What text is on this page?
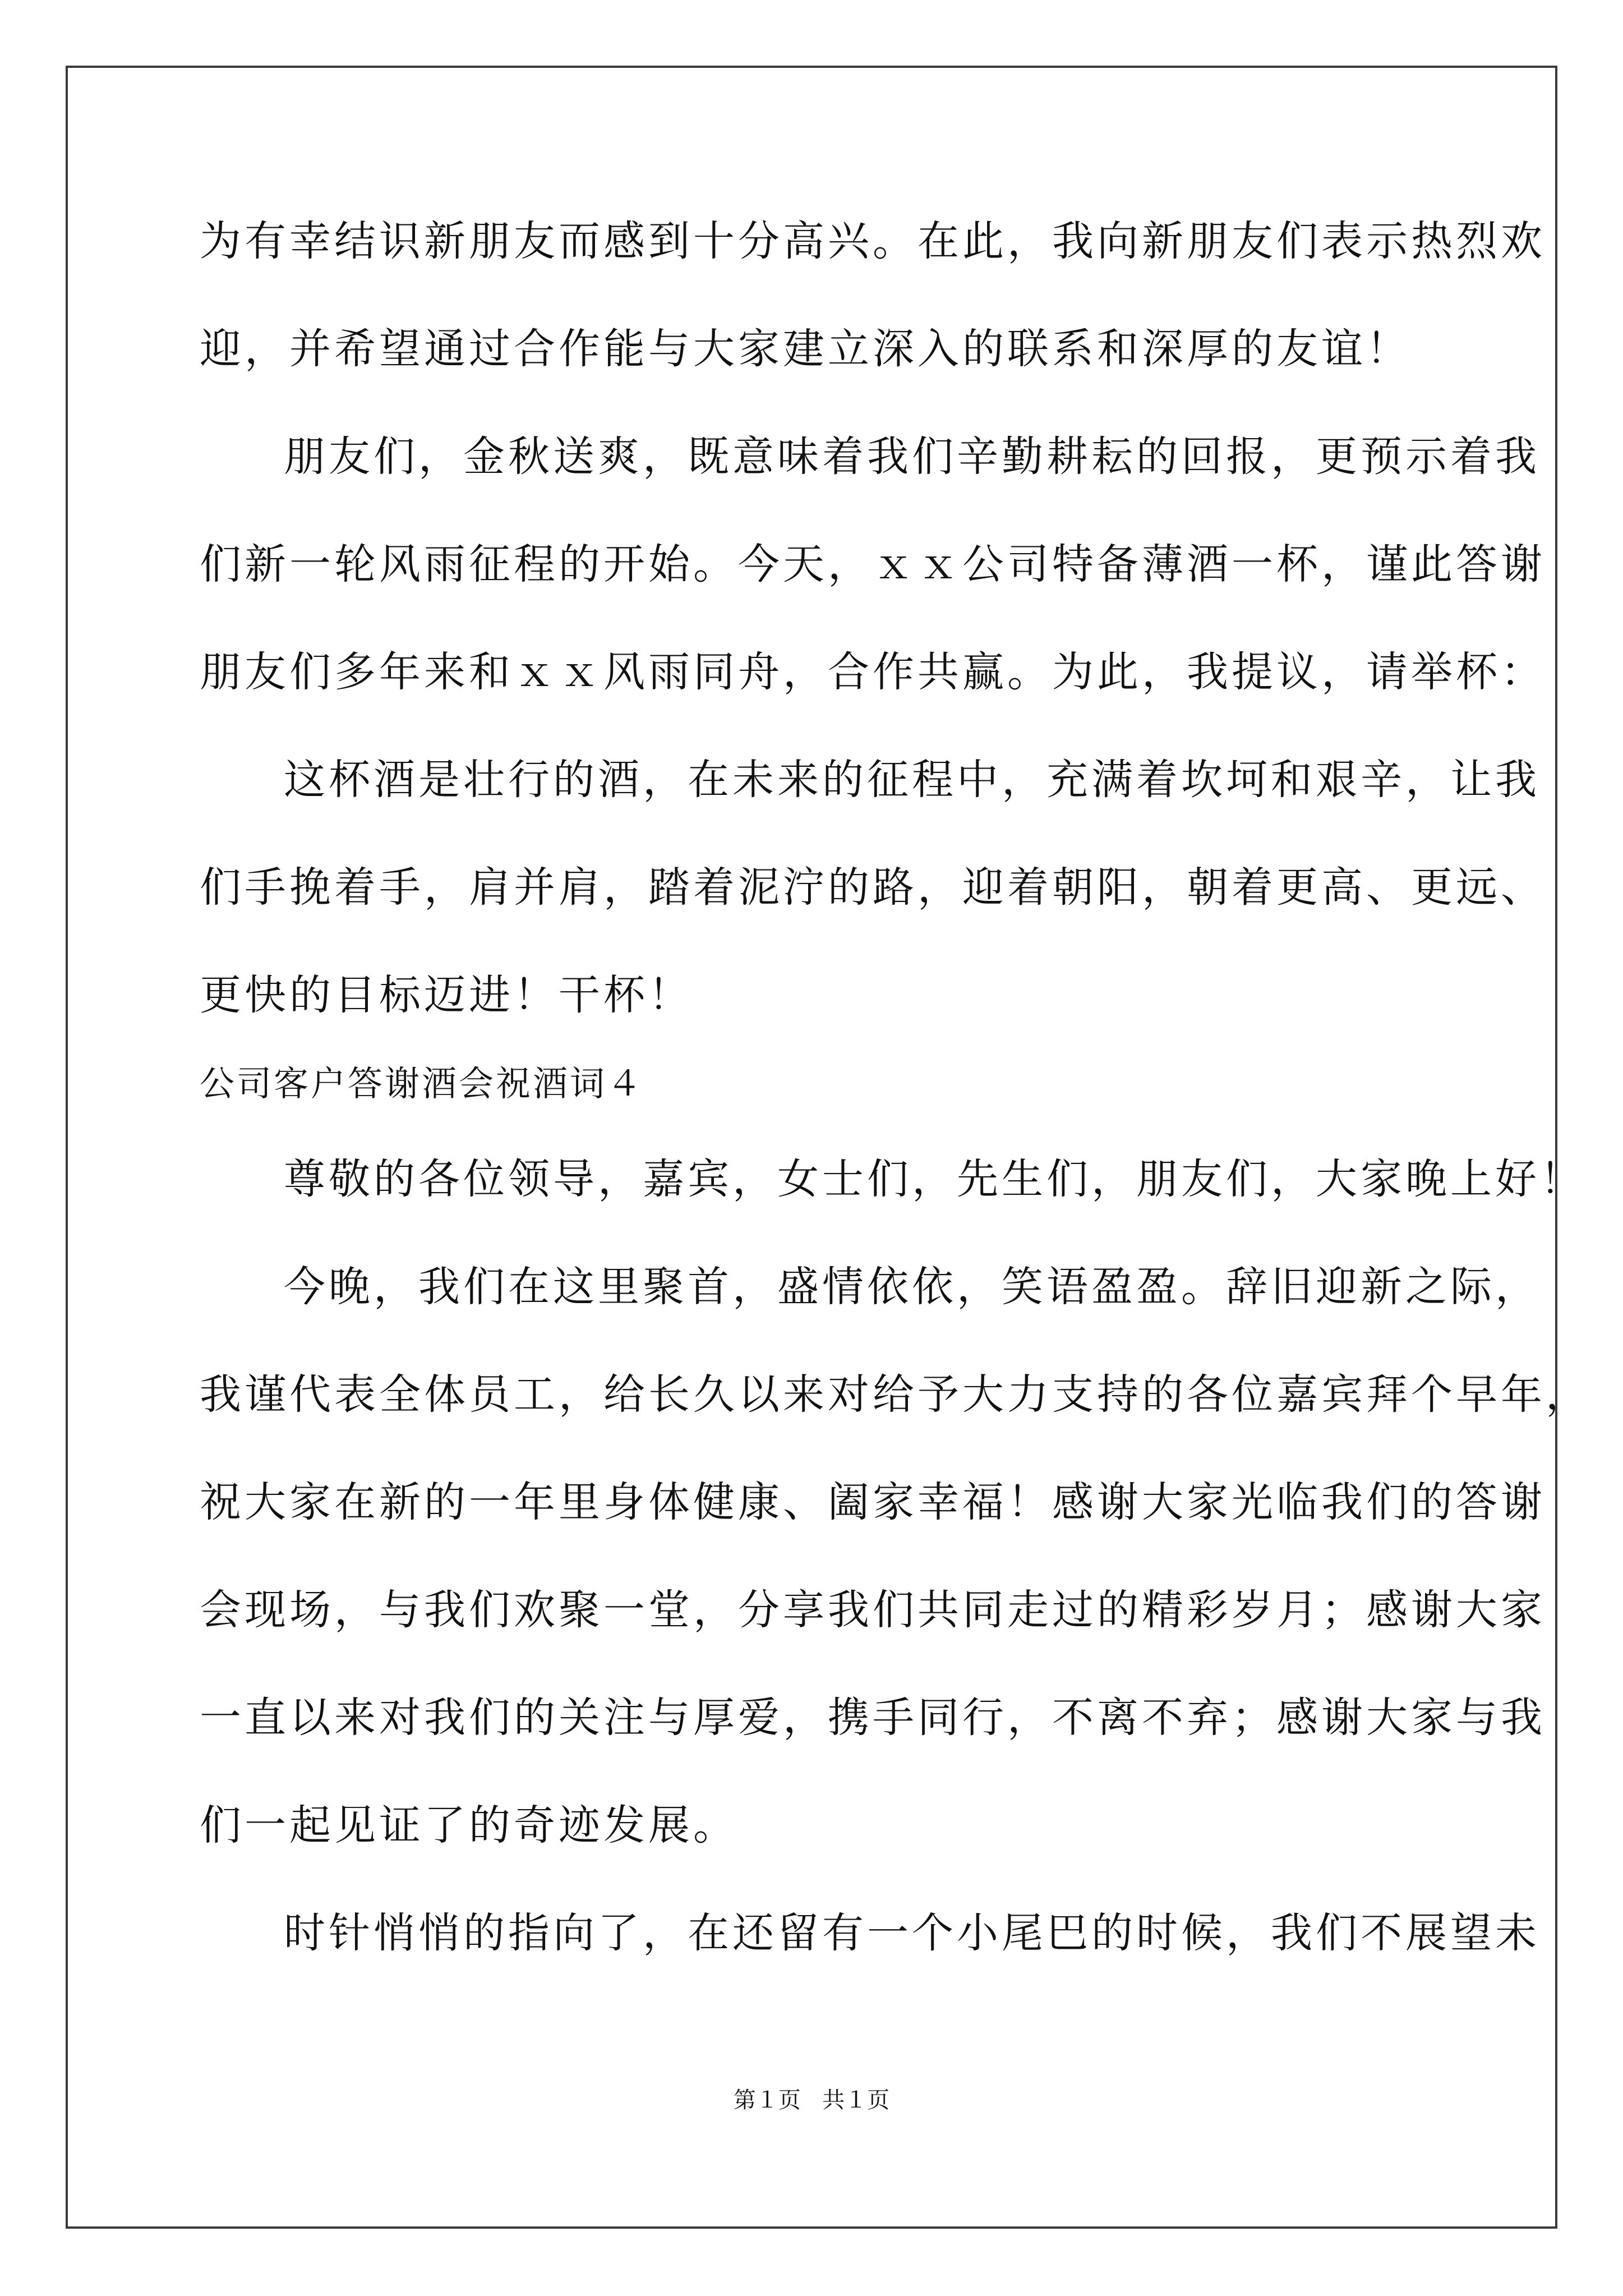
为有幸结识新朋友而感到十分高兴。在此，我向新朋友们表示热烈欢
迎，并希望通过合作能与大家建立深入的联系和深厚的友谊！
朋友们，金秋送爽，既意味着我们辛勤耕耘的回报，更预示着我
们新一轮风雨征程的开始。今天，ｘｘ公司特备薄酒一杯，谨此答谢
朋友们多年来和ｘｘ风雨同舟，合作共赢。为此，我提议，请举杯：
这杯酒是壮行的酒，在未来的征程中，充满着坎坷和艰辛，让我
们手挽着手，肩并肩，踏着泥泞的路，迎着朝阳，朝着更高、更远、
更快的目标迈进！干杯！
公司客户答谢酒会祝酒词４
尊敬的各位领导，嘉宾，女士们，先生们，朋友们，大家晚上好！
今晚，我们在这里聚首，盛情依依，笑语盈盈。辞旧迎新之际，
我谨代表全体员工，给长久以来对给予大力支持的各位嘉宾拜个早年，
祝大家在新的一年里身体健康、阖家幸福！感谢大家光临我们的答谢
会现场，与我们欢聚一堂，分享我们共同走过的精彩岁月；感谢大家
一直以来对我们的关注与厚爱，携手同行，不离不弃；感谢大家与我
们一起见证了的奇迹发展。
时针悄悄的指向了，在还留有一个小尾巴的时候，我们不展望未
第１页   共１页
